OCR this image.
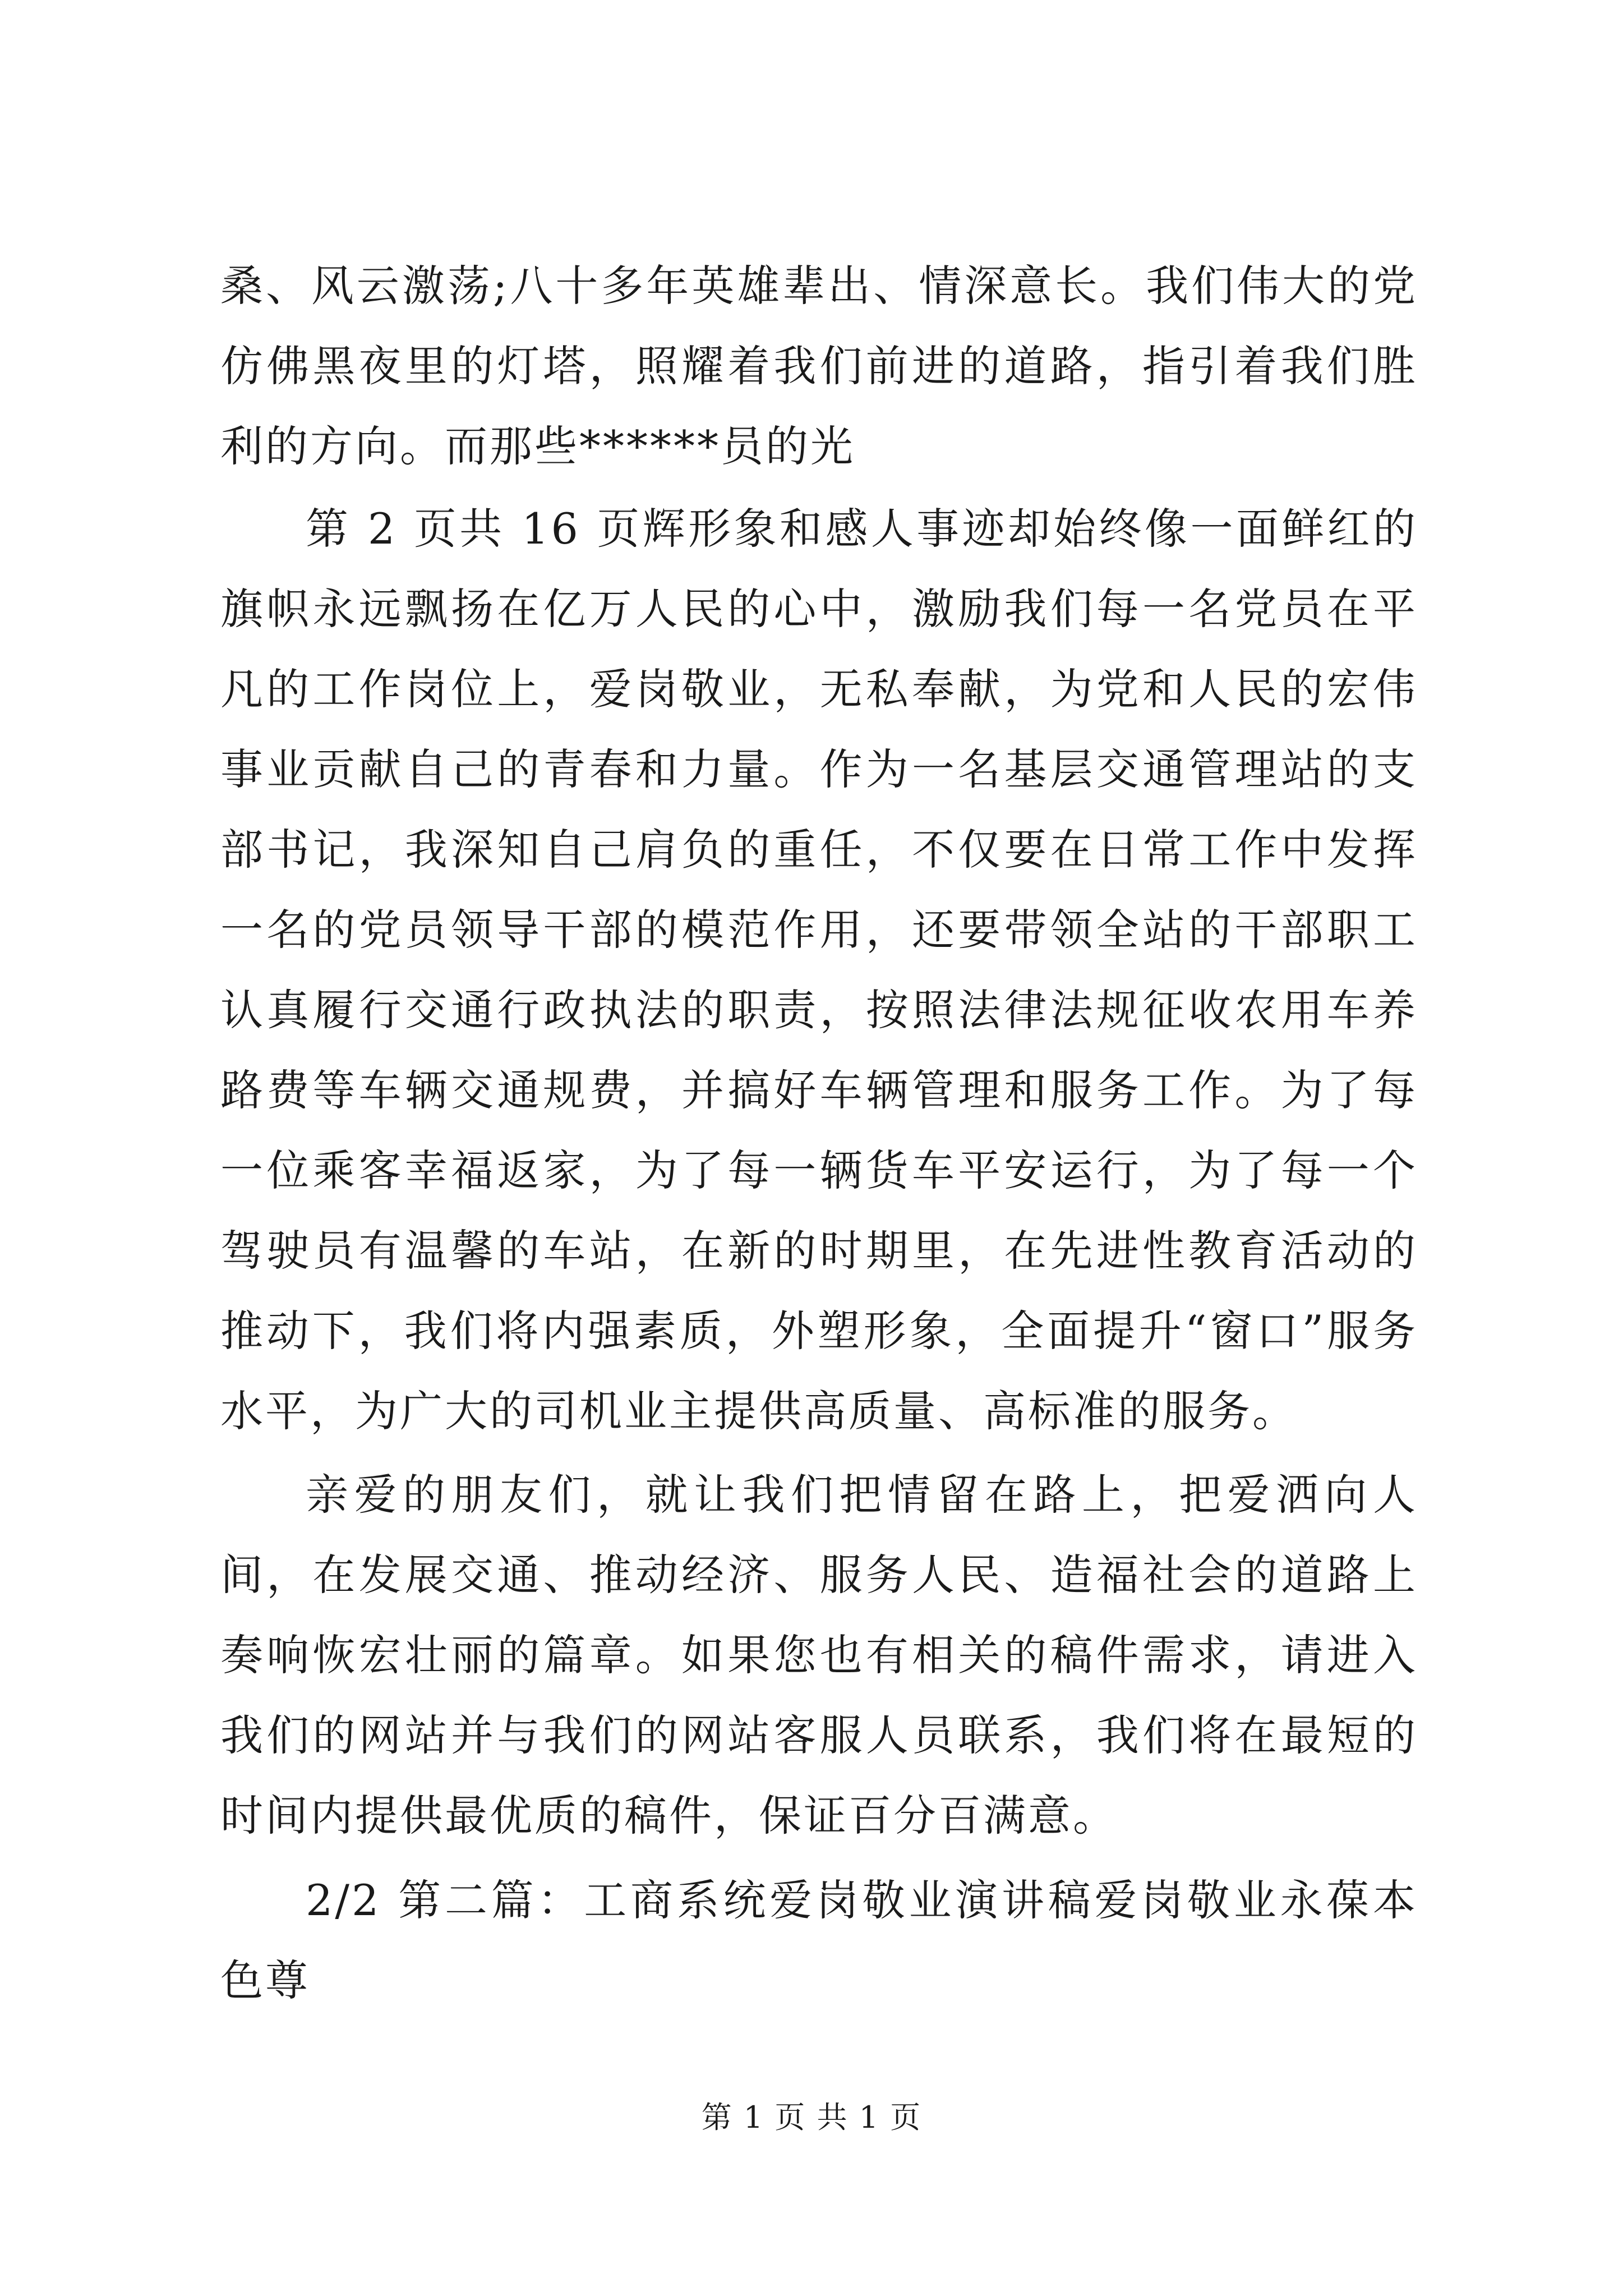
桑、风云激荡;八十多年英雄辈出、情深意长。我们伟大的党仿佛黑夜里的灯塔，照耀着我们前进的道路，指引着我们胜利的方向。而那些******员的光

第 2 页共 16 页辉形象和感人事迹却始终像一面鲜红的旗帜永远飘扬在亿万人民的心中，激励我们每一名党员在平凡的工作岗位上，爱岗敬业，无私奉献，为党和人民的宏伟事业贡献自己的青春和力量。作为一名基层交通管理站的支部书记，我深知自己肩负的重任，不仅要在日常工作中发挥一名的党员领导干部的模范作用，还要带领全站的干部职工认真履行交通行政执法的职责，按照法律法规征收农用车养路费等车辆交通规费，并搞好车辆管理和服务工作。为了每一位乘客幸福返家，为了每一辆货车平安运行，为了每一个驾驶员有温馨的车站，在新的时期里，在先进性教育活动的推动下，我们将内强素质，外塑形象，全面提升“窗口”服务水平，为广大的司机业主提供高质量、高标准的服务。

亲爱的朋友们，就让我们把情留在路上，把爱洒向人间，在发展交通、推动经济、服务人民、造福社会的道路上奏响恢宏壮丽的篇章。如果您也有相关的稿件需求，请进入我们的网站并与我们的网站客服人员联系，我们将在最短的时间内提供最优质的稿件，保证百分百满意。

2/2 第二篇：工商系统爱岗敬业演讲稿爱岗敬业永葆本色尊

第 1 页 共 1 页
